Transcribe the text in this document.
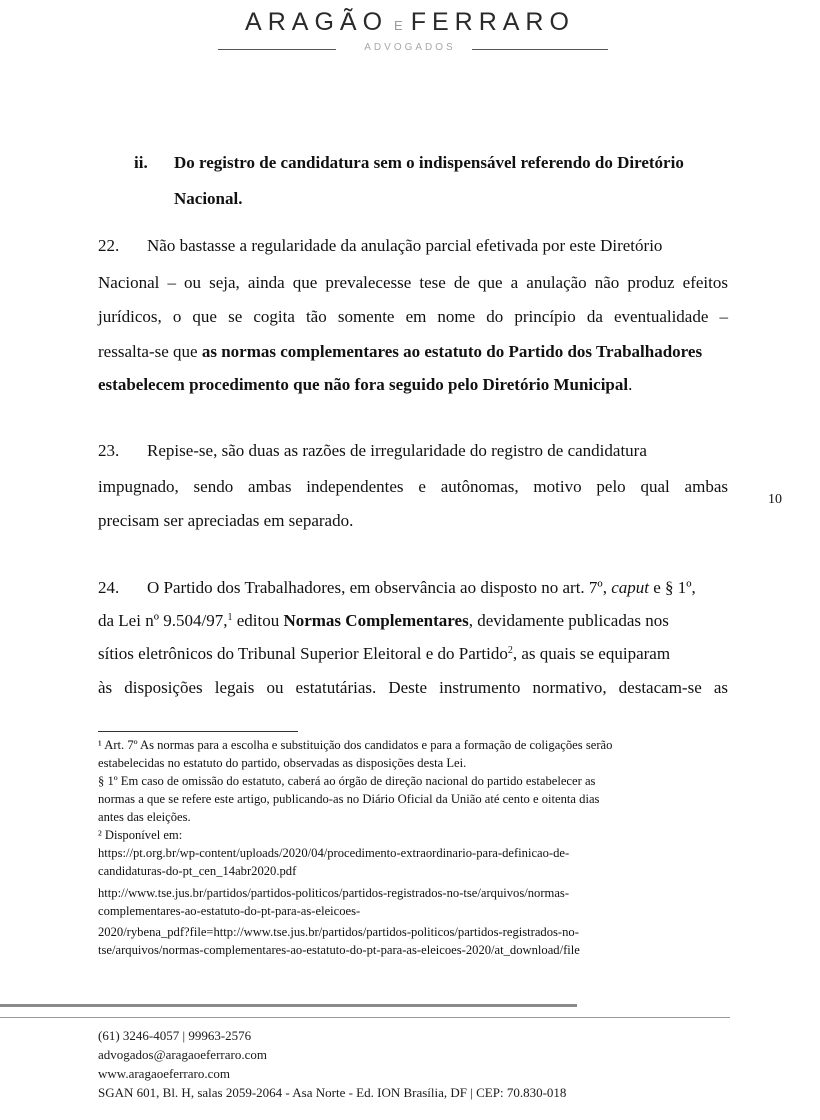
ARAGÃO E FERRARO
ADVOGADOS
ii. Do registro de candidatura sem o indispensável referendo do Diretório
Nacional.
22. Não bastasse a regularidade da anulação parcial efetivada por este Diretório
Nacional – ou seja, ainda que prevalecesse tese de que a anulação não produz efeitos
jurídicos, o que se cogita tão somente em nome do princípio da eventualidade –
ressalta-se que as normas complementares ao estatuto do Partido dos Trabalhadores
estabelecem procedimento que não fora seguido pelo Diretório Municipal.
23. Repise-se, são duas as razões de irregularidade do registro de candidatura
impugnado, sendo ambas independentes e autônomas, motivo pelo qual ambas
precisam ser apreciadas em separado.
10
24. O Partido dos Trabalhadores, em observância ao disposto no art. 7º, caput e § 1º,
da Lei nº 9.504/97,$^1$ editou Normas Complementares, devidamente publicadas nos
sítios eletrônicos do Tribunal Superior Eleitoral e do Partido$^2$, as quais se equiparam
às disposições legais ou estatutárias. Deste instrumento normativo, destacam-se as
¹ Art. 7º As normas para a escolha e substituição dos candidatos e para a formação de coligações serão
estabelecidas no estatuto do partido, observadas as disposições desta Lei.
§ 1º Em caso de omissão do estatuto, caberá ao órgão de direção nacional do partido estabelecer as
normas a que se refere este artigo, publicando-as no Diário Oficial da União até cento e oitenta dias
antes das eleições.
² Disponível em:
https://pt.org.br/wp-content/uploads/2020/04/procedimento-extraordinario-para-definicao-de-
candidaturas-do-pt_cen_14abr2020.pdf
http://www.tse.jus.br/partidos/partidos-politicos/partidos-registrados-no-tse/arquivos/normas-
complementares-ao-estatuto-do-pt-para-as-eleicoes-
2020/rybena_pdf?file=http://www.tse.jus.br/partidos/partidos-politicos/partidos-registrados-no-
tse/arquivos/normas-complementares-ao-estatuto-do-pt-para-as-eleicoes-2020/at_download/file
(61) 3246-4057 | 99963-2576
advogados@aragaoeferraro.com
www.aragaoeferraro.com
SGAN 601, Bl. H, salas 2059-2064 - Asa Norte - Ed. ION Brasília, DF | CEP: 70.830-018
